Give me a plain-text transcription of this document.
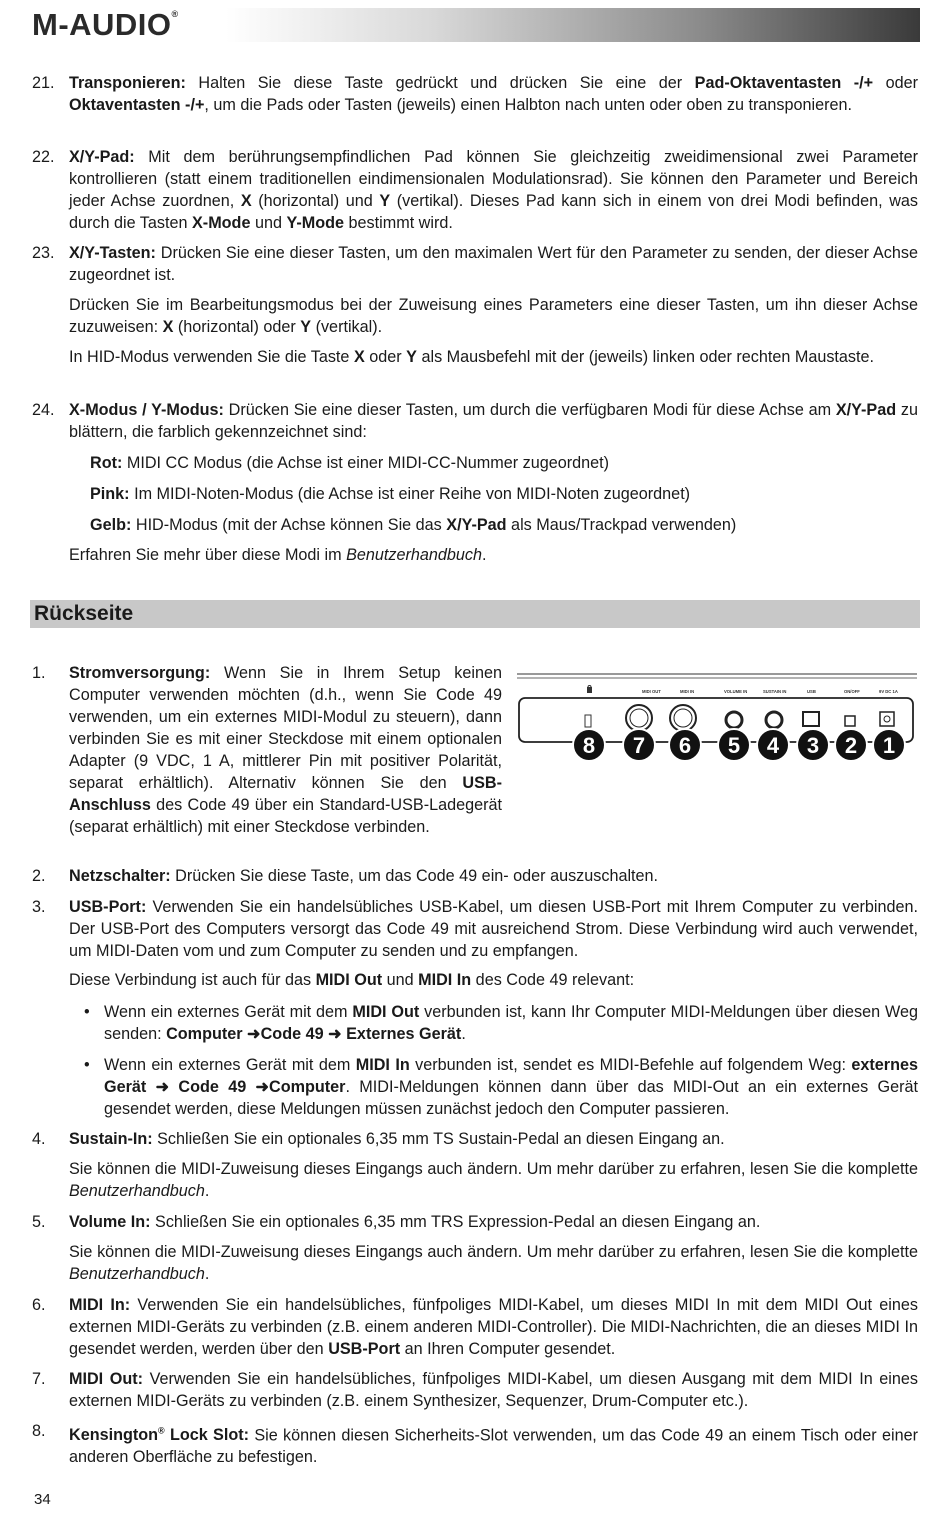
M-AUDIO®
21. Transponieren: Halten Sie diese Taste gedrückt und drücken Sie eine der Pad-Oktaventasten -/+ oder Oktaventasten -/+, um die Pads oder Tasten (jeweils) einen Halbton nach unten oder oben zu transponieren.
22. X/Y-Pad: Mit dem berührungsempfindlichen Pad können Sie gleichzeitig zweidimensional zwei Parameter kontrollieren (statt einem traditionellen eindimensionalen Modulationsrad). Sie können den Parameter und Bereich jeder Achse zuordnen, X (horizontal) und Y (vertikal). Dieses Pad kann sich in einem von drei Modi befinden, was durch die Tasten X-Mode und Y-Mode bestimmt wird.
23. X/Y-Tasten: Drücken Sie eine dieser Tasten, um den maximalen Wert für den Parameter zu senden, der dieser Achse zugeordnet ist.
Drücken Sie im Bearbeitungsmodus bei der Zuweisung eines Parameters eine dieser Tasten, um ihn dieser Achse zuzuweisen: X (horizontal) oder Y (vertikal).
In HID-Modus verwenden Sie die Taste X oder Y als Mausbefehl mit der (jeweils) linken oder rechten Maustaste.
24. X-Modus / Y-Modus: Drücken Sie eine dieser Tasten, um durch die verfügbaren Modi für diese Achse am X/Y-Pad zu blättern, die farblich gekennzeichnet sind:
Rot: MIDI CC Modus (die Achse ist einer MIDI-CC-Nummer zugeordnet)
Pink: Im MIDI-Noten-Modus (die Achse ist einer Reihe von MIDI-Noten zugeordnet)
Gelb: HID-Modus (mit der Achse können Sie das X/Y-Pad als Maus/Trackpad verwenden)
Erfahren Sie mehr über diese Modi im Benutzerhandbuch.
Rückseite
1.	Stromversorgung: Wenn Sie in Ihrem Setup keinen Computer verwenden möchten (d.h., wenn Sie Code 49 verwenden, um ein externes MIDI-Modul zu steuern), dann verbinden Sie es mit einer Steckdose mit einem optionalen Adapter (9 VDC, 1 A, mittlerer Pin mit positiver Polarität, separat erhältlich). Alternativ können Sie den USB-Anschluss des Code 49 über ein Standard-USB-Ladegerät (separat erhältlich) mit einer Steckdose verbinden.
MIDI OUT	MIDI IN	VOLUME IN	SUSTAIN IN	USB	ON/OFF	9V DC 1A
8 7 6 5 4 3 2 1
2.	Netzschalter: Drücken Sie diese Taste, um das Code 49 ein- oder auszuschalten.
3.	USB-Port: Verwenden Sie ein handelsübliches USB-Kabel, um diesen USB-Port mit Ihrem Computer zu verbinden. Der USB-Port des Computers versorgt das Code 49 mit ausreichend Strom. Diese Verbindung wird auch verwendet, um MIDI-Daten vom und zum Computer zu senden und zu empfangen.
Diese Verbindung ist auch für das MIDI Out und MIDI In des Code 49 relevant:
• Wenn ein externes Gerät mit dem MIDI Out verbunden ist, kann Ihr Computer MIDI-Meldungen über diesen Weg senden: Computer ➜Code 49 ➜ Externes Gerät.
• Wenn ein externes Gerät mit dem MIDI In verbunden ist, sendet es MIDI-Befehle auf folgendem Weg: externes Gerät ➜ Code 49 ➜Computer. MIDI-Meldungen können dann über das MIDI-Out an ein externes Gerät gesendet werden, diese Meldungen müssen zunächst jedoch den Computer passieren.
4.	Sustain-In: Schließen Sie ein optionales 6,35 mm TS Sustain-Pedal an diesen Eingang an.
Sie können die MIDI-Zuweisung dieses Eingangs auch ändern. Um mehr darüber zu erfahren, lesen Sie die komplette Benutzerhandbuch.
5.	Volume In: Schließen Sie ein optionales 6,35 mm TRS Expression-Pedal an diesen Eingang an.
Sie können die MIDI-Zuweisung dieses Eingangs auch ändern. Um mehr darüber zu erfahren, lesen Sie die komplette Benutzerhandbuch.
6.	MIDI In: Verwenden Sie ein handelsübliches, fünfpoliges MIDI-Kabel, um dieses MIDI In mit dem MIDI Out eines externen MIDI-Geräts zu verbinden (z.B. einem anderen MIDI-Controller). Die MIDI-Nachrichten, die an dieses MIDI In gesendet werden, werden über den USB-Port an Ihren Computer gesendet.
7.	MIDI Out: Verwenden Sie ein handelsübliches, fünfpoliges MIDI-Kabel, um diesen Ausgang mit dem MIDI In eines externen MIDI-Geräts zu verbinden (z.B. einem Synthesizer, Sequenzer, Drum-Computer etc.).
8.	Kensington® Lock Slot: Sie können diesen Sicherheits-Slot verwenden, um das Code 49 an einem Tisch oder einer anderen Oberfläche zu befestigen.
34
